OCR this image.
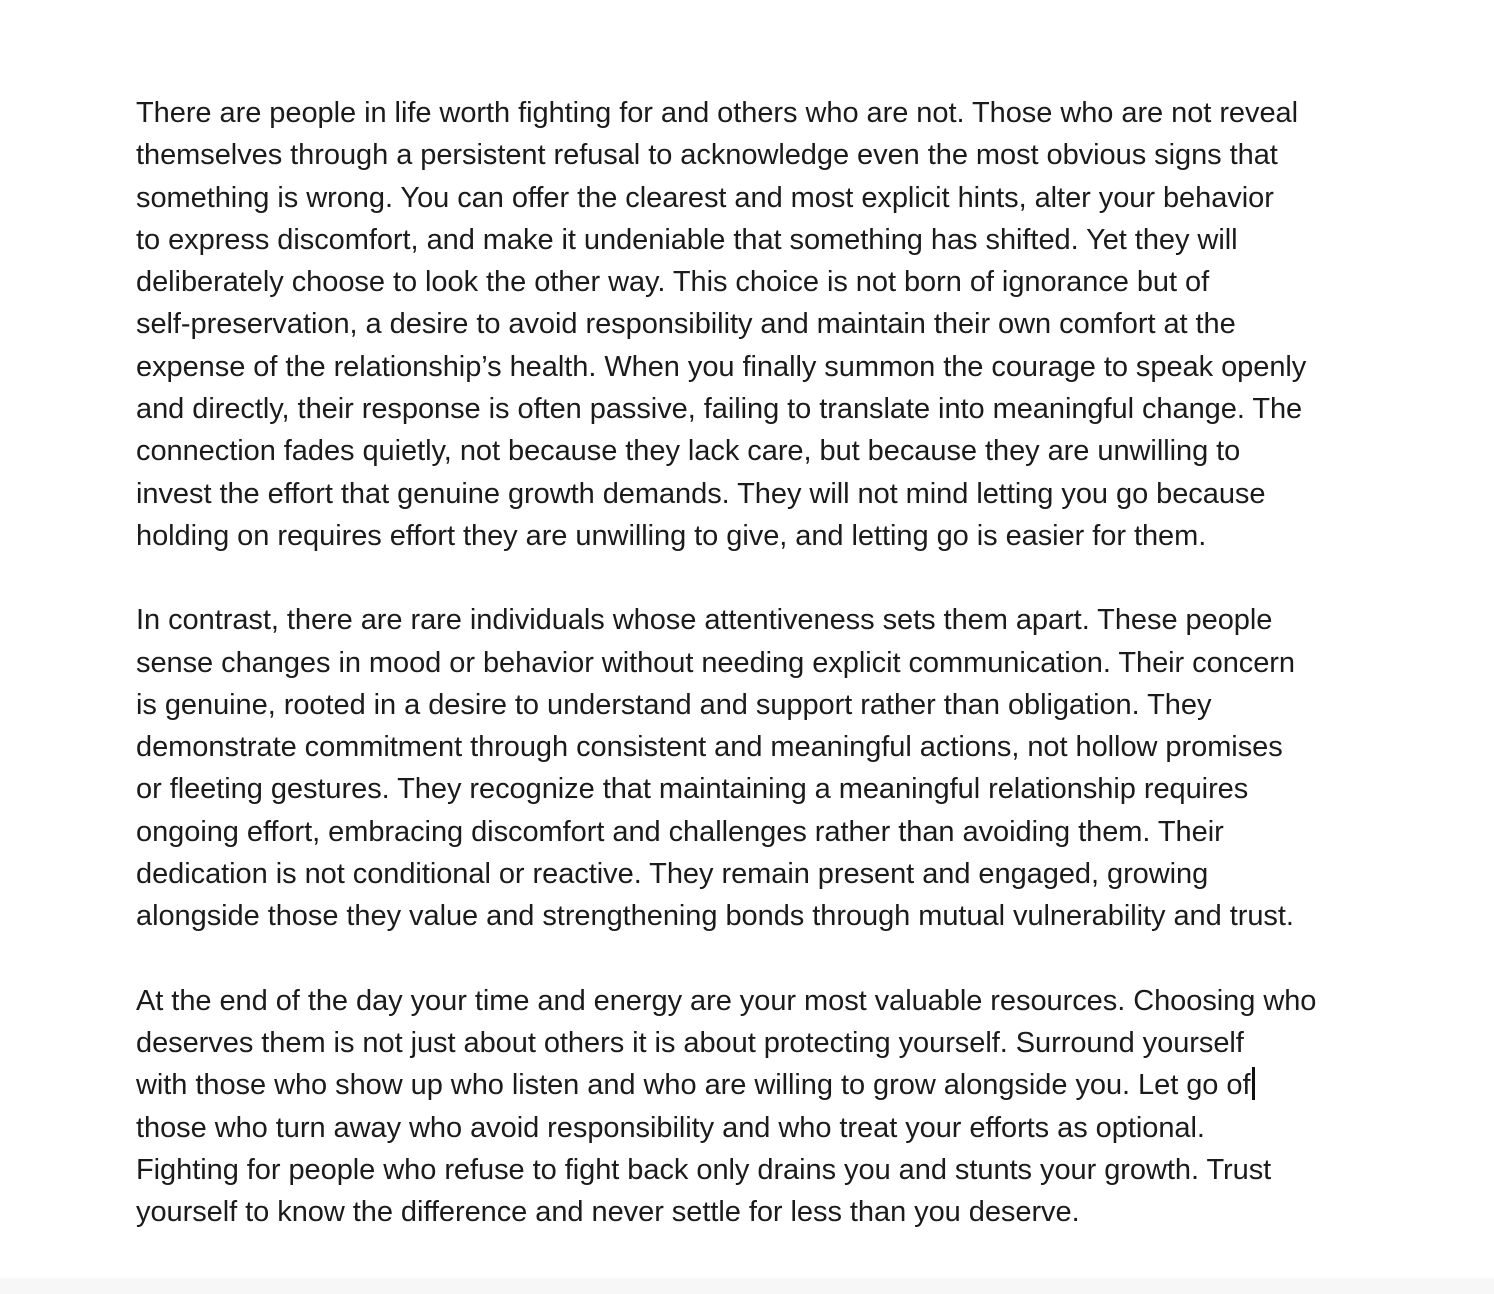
There are people in life worth fighting for and others who are not. Those who are not reveal
themselves through a persistent refusal to acknowledge even the most obvious signs that
something is wrong. You can offer the clearest and most explicit hints, alter your behavior
to express discomfort, and make it undeniable that something has shifted. Yet they will
deliberately choose to look the other way. This choice is not born of ignorance but of
self-preservation, a desire to avoid responsibility and maintain their own comfort at the
expense of the relationship’s health. When you finally summon the courage to speak openly
and directly, their response is often passive, failing to translate into meaningful change. The
connection fades quietly, not because they lack care, but because they are unwilling to
invest the effort that genuine growth demands. They will not mind letting you go because
holding on requires effort they are unwilling to give, and letting go is easier for them.

In contrast, there are rare individuals whose attentiveness sets them apart. These people
sense changes in mood or behavior without needing explicit communication. Their concern
is genuine, rooted in a desire to understand and support rather than obligation. They
demonstrate commitment through consistent and meaningful actions, not hollow promises
or fleeting gestures. They recognize that maintaining a meaningful relationship requires
ongoing effort, embracing discomfort and challenges rather than avoiding them. Their
dedication is not conditional or reactive. They remain present and engaged, growing
alongside those they value and strengthening bonds through mutual vulnerability and trust.

At the end of the day your time and energy are your most valuable resources. Choosing who
deserves them is not just about others it is about protecting yourself. Surround yourself
with those who show up who listen and who are willing to grow alongside you. Let go of
those who turn away who avoid responsibility and who treat your efforts as optional.
Fighting for people who refuse to fight back only drains you and stunts your growth. Trust
yourself to know the difference and never settle for less than you deserve.
